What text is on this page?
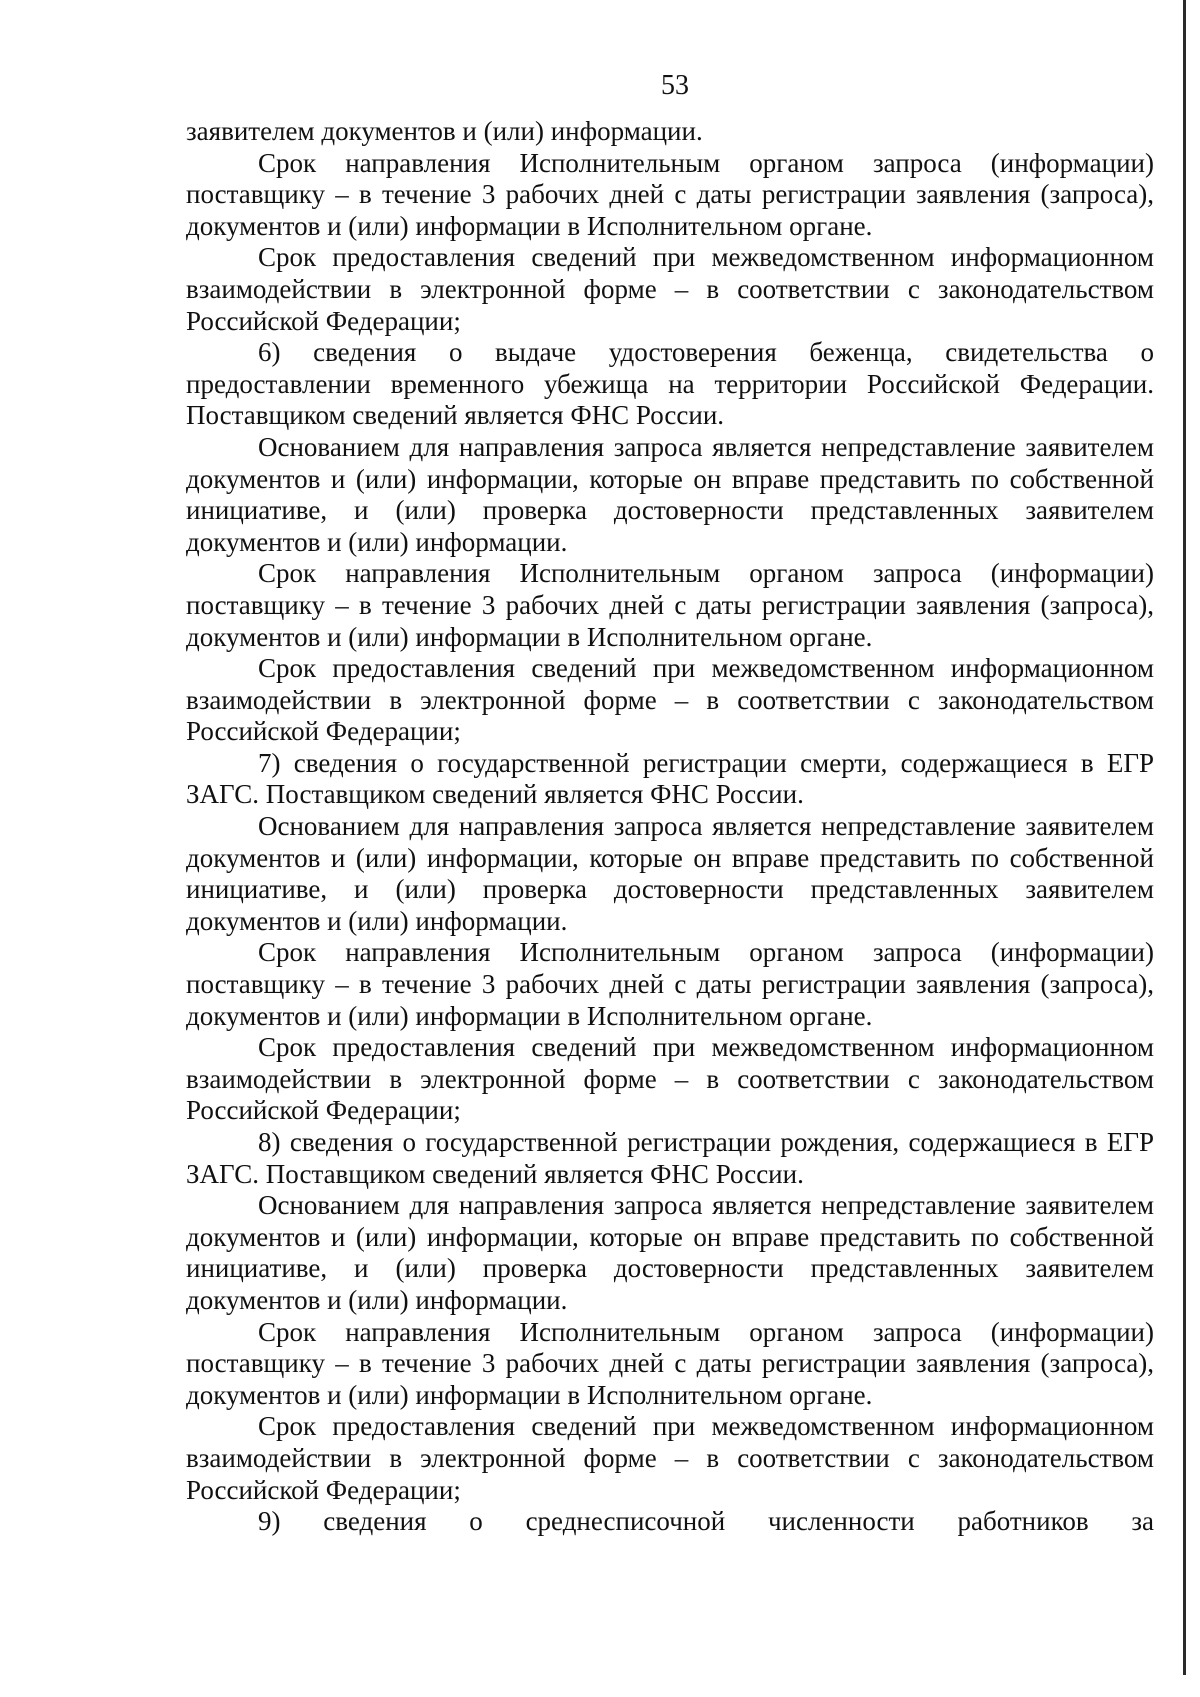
53

заявителем документов и (или) информации.

Срок направления Исполнительным органом запроса (информации) поставщику – в течение 3 рабочих дней с даты регистрации заявления (запроса), документов и (или) информации в Исполнительном органе.

Срок предоставления сведений при межведомственном информационном взаимодействии в электронной форме – в соответствии с законодательством Российской Федерации;

6) сведения о выдаче удостоверения беженца, свидетельства о предоставлении временного убежища на территории Российской Федерации. Поставщиком сведений является ФНС России.

Основанием для направления запроса является непредставление заявителем документов и (или) информации, которые он вправе представить по собственной инициативе, и (или) проверка достоверности представленных заявителем документов и (или) информации.

Срок направления Исполнительным органом запроса (информации) поставщику – в течение 3 рабочих дней с даты регистрации заявления (запроса), документов и (или) информации в Исполнительном органе.

Срок предоставления сведений при межведомственном информационном взаимодействии в электронной форме – в соответствии с законодательством Российской Федерации;

7) сведения о государственной регистрации смерти, содержащиеся в ЕГР ЗАГС. Поставщиком сведений является ФНС России.

Основанием для направления запроса является непредставление заявителем документов и (или) информации, которые он вправе представить по собственной инициативе, и (или) проверка достоверности представленных заявителем документов и (или) информации.

Срок направления Исполнительным органом запроса (информации) поставщику – в течение 3 рабочих дней с даты регистрации заявления (запроса), документов и (или) информации в Исполнительном органе.

Срок предоставления сведений при межведомственном информационном взаимодействии в электронной форме – в соответствии с законодательством Российской Федерации;

8) сведения о государственной регистрации рождения, содержащиеся в ЕГР ЗАГС. Поставщиком сведений является ФНС России.

Основанием для направления запроса является непредставление заявителем документов и (или) информации, которые он вправе представить по собственной инициативе, и (или) проверка достоверности представленных заявителем документов и (или) информации.

Срок направления Исполнительным органом запроса (информации) поставщику – в течение 3 рабочих дней с даты регистрации заявления (запроса), документов и (или) информации в Исполнительном органе.

Срок предоставления сведений при межведомственном информационном взаимодействии в электронной форме – в соответствии с законодательством Российской Федерации;

9) сведения о среднесписочной численности работников за
